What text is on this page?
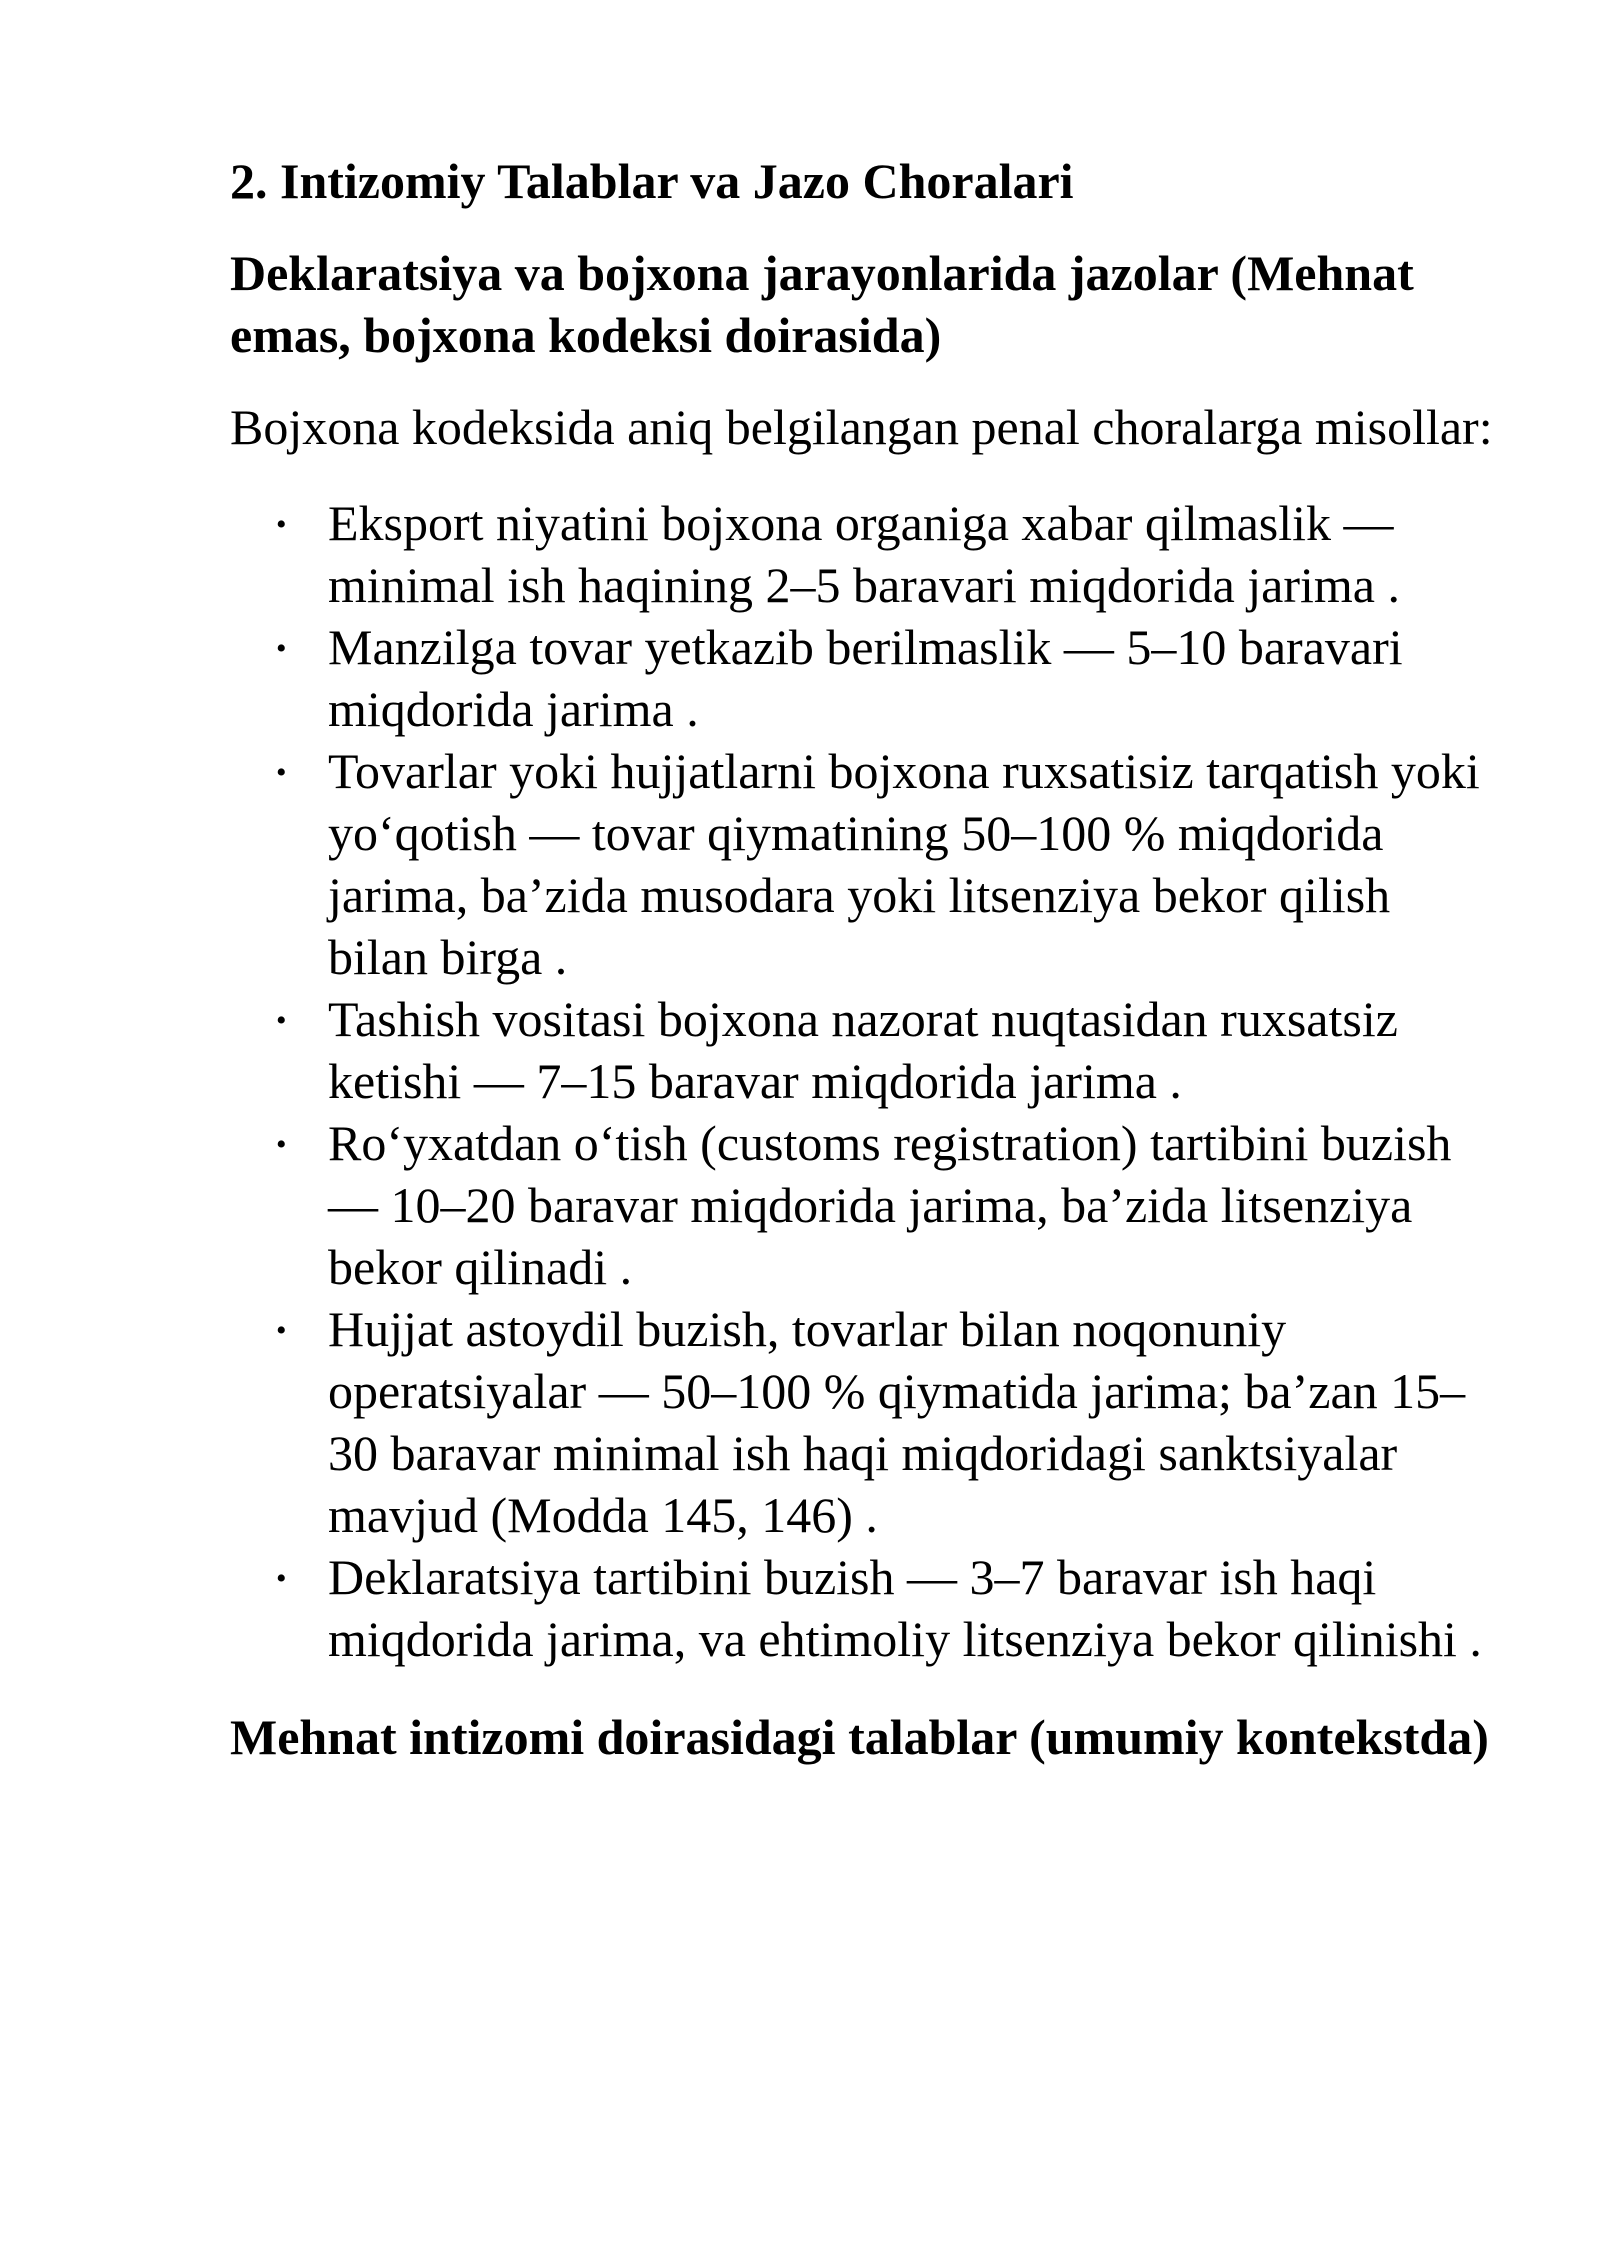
2. Intizomiy Talablar va Jazo Choralari
Deklaratsiya va bojxona jarayonlarida jazolar (Mehnat emas, bojxona kodeksi doirasida)
Bojxona kodeksida aniq belgilangan penal choralarga misollar:
• Eksport niyatini bojxona organiga xabar qilmaslik — minimal ish haqining 2–5 baravari miqdorida jarima .
• Manzilga tovar yetkazib berilmaslik — 5–10 baravari miqdorida jarima .
• Tovarlar yoki hujjatlarni bojxona ruxsatisiz tarqatish yoki yo‘qotish — tovar qiymatining 50–100 % miqdorida jarima, ba’zida musodara yoki litsenziya bekor qilish bilan birga .
• Tashish vositasi bojxona nazorat nuqtasidan ruxsatsiz ketishi — 7–15 baravar miqdorida jarima .
• Ro‘yxatdan o‘tish (customs registration) tartibini buzish — 10–20 baravar miqdorida jarima, ba’zida litsenziya bekor qilinadi .
• Hujjat astoydil buzish, tovarlar bilan noqonuniy operatsiyalar — 50–100 % qiymatida jarima; ba’zan 15–30 baravar minimal ish haqi miqdoridagi sanktsiyalar mavjud (Modda 145, 146) .
• Deklaratsiya tartibini buzish — 3–7 baravar ish haqi miqdorida jarima, va ehtimoliy litsenziya bekor qilinishi .
Mehnat intizomi doirasidagi talablar (umumiy kontekstda)
